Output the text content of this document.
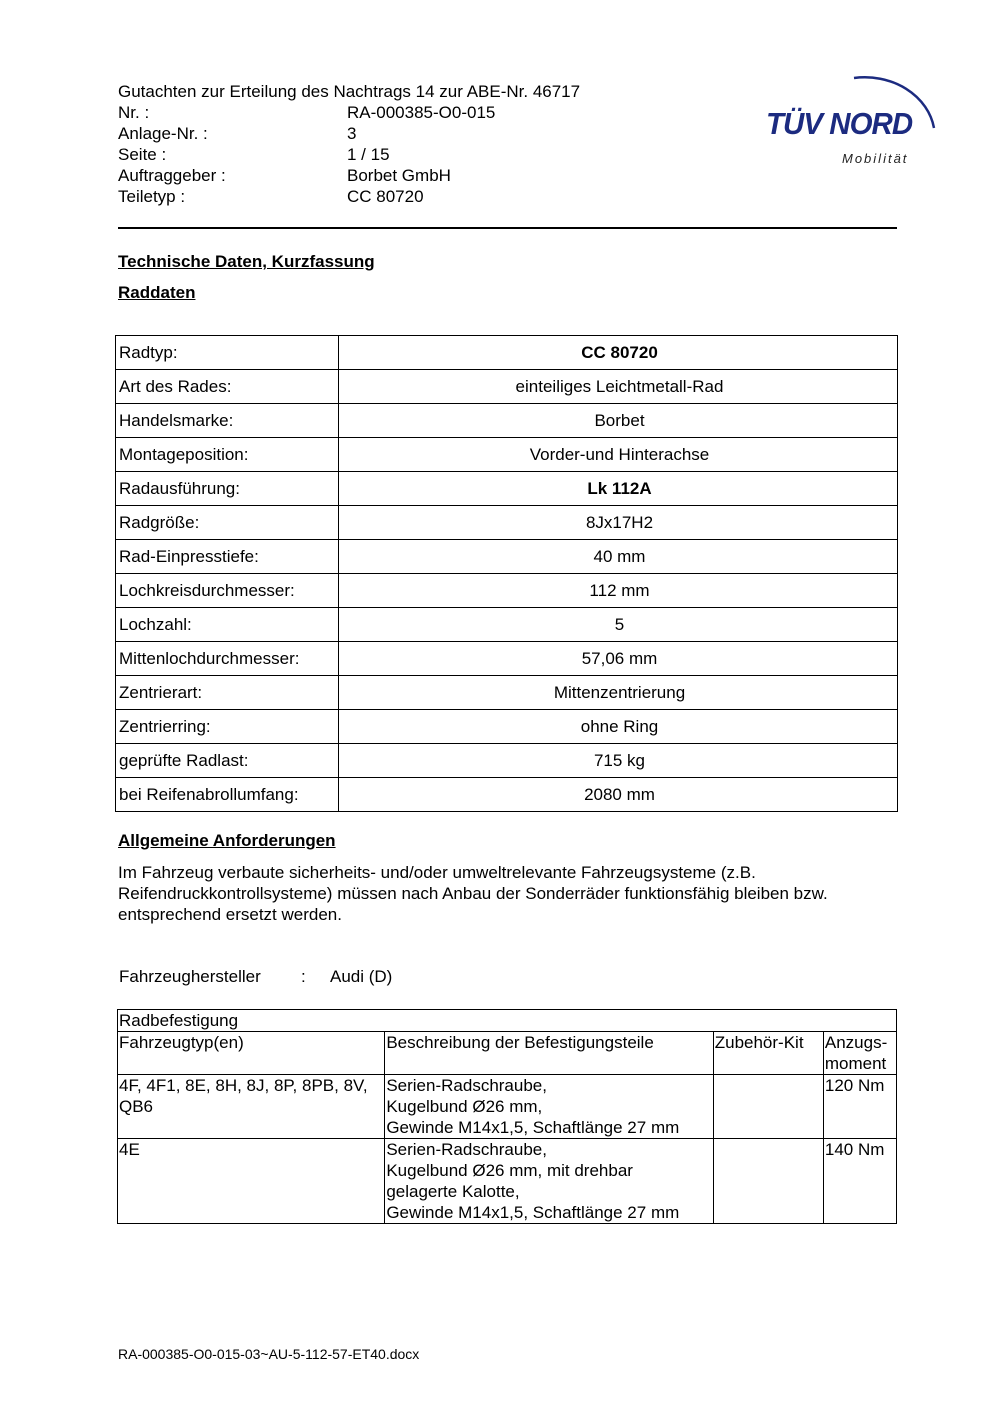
Gutachten zur Erteilung des Nachtrags 14 zur ABE-Nr. 46717
Nr. :	RA-000385-O0-015
Anlage-Nr. :	3
Seite :	1 / 15
Auftraggeber :	Borbet GmbH
Teiletyp :	CC 80720
TÜV NORD
Mobilität
Technische Daten, Kurzfassung
Raddaten
Radtyp:	CC 80720
Art des Rades:	einteiliges Leichtmetall-Rad
Handelsmarke:	Borbet
Montageposition:	Vorder-und Hinterachse
Radausführung:	Lk 112A
Radgröße:	8Jx17H2
Rad-Einpresstiefe:	40 mm
Lochkreisdurchmesser:	112 mm
Lochzahl:	5
Mittenlochdurchmesser:	57,06 mm
Zentrierart:	Mittenzentrierung
Zentrierring:	ohne Ring
geprüfte Radlast:	715 kg
bei Reifenabrollumfang:	2080 mm
Allgemeine Anforderungen
Im Fahrzeug verbaute sicherheits- und/oder umweltrelevante Fahrzeugsysteme (z.B. Reifendruckkontrollsysteme) müssen nach Anbau der Sonderräder funktionsfähig bleiben bzw. entsprechend ersetzt werden.
Fahrzeughersteller	:	Audi (D)
Radbefestigung			
Fahrzeugtyp(en)	Beschreibung der Befestigungsteile	Zubehör-Kit	Anzugs-
moment
4F, 4F1, 8E, 8H, 8J, 8P, 8PB, 8V, QB6	Serien-Radschraube,
Kugelbund Ø26 mm,
Gewinde M14x1,5, Schaftlänge 27 mm		120 Nm
4E	Serien-Radschraube,
Kugelbund Ø26 mm, mit drehbar
gelagerte Kalotte,
Gewinde M14x1,5, Schaftlänge 27 mm		140 Nm
RA-000385-O0-015-03~AU-5-112-57-ET40.docx
